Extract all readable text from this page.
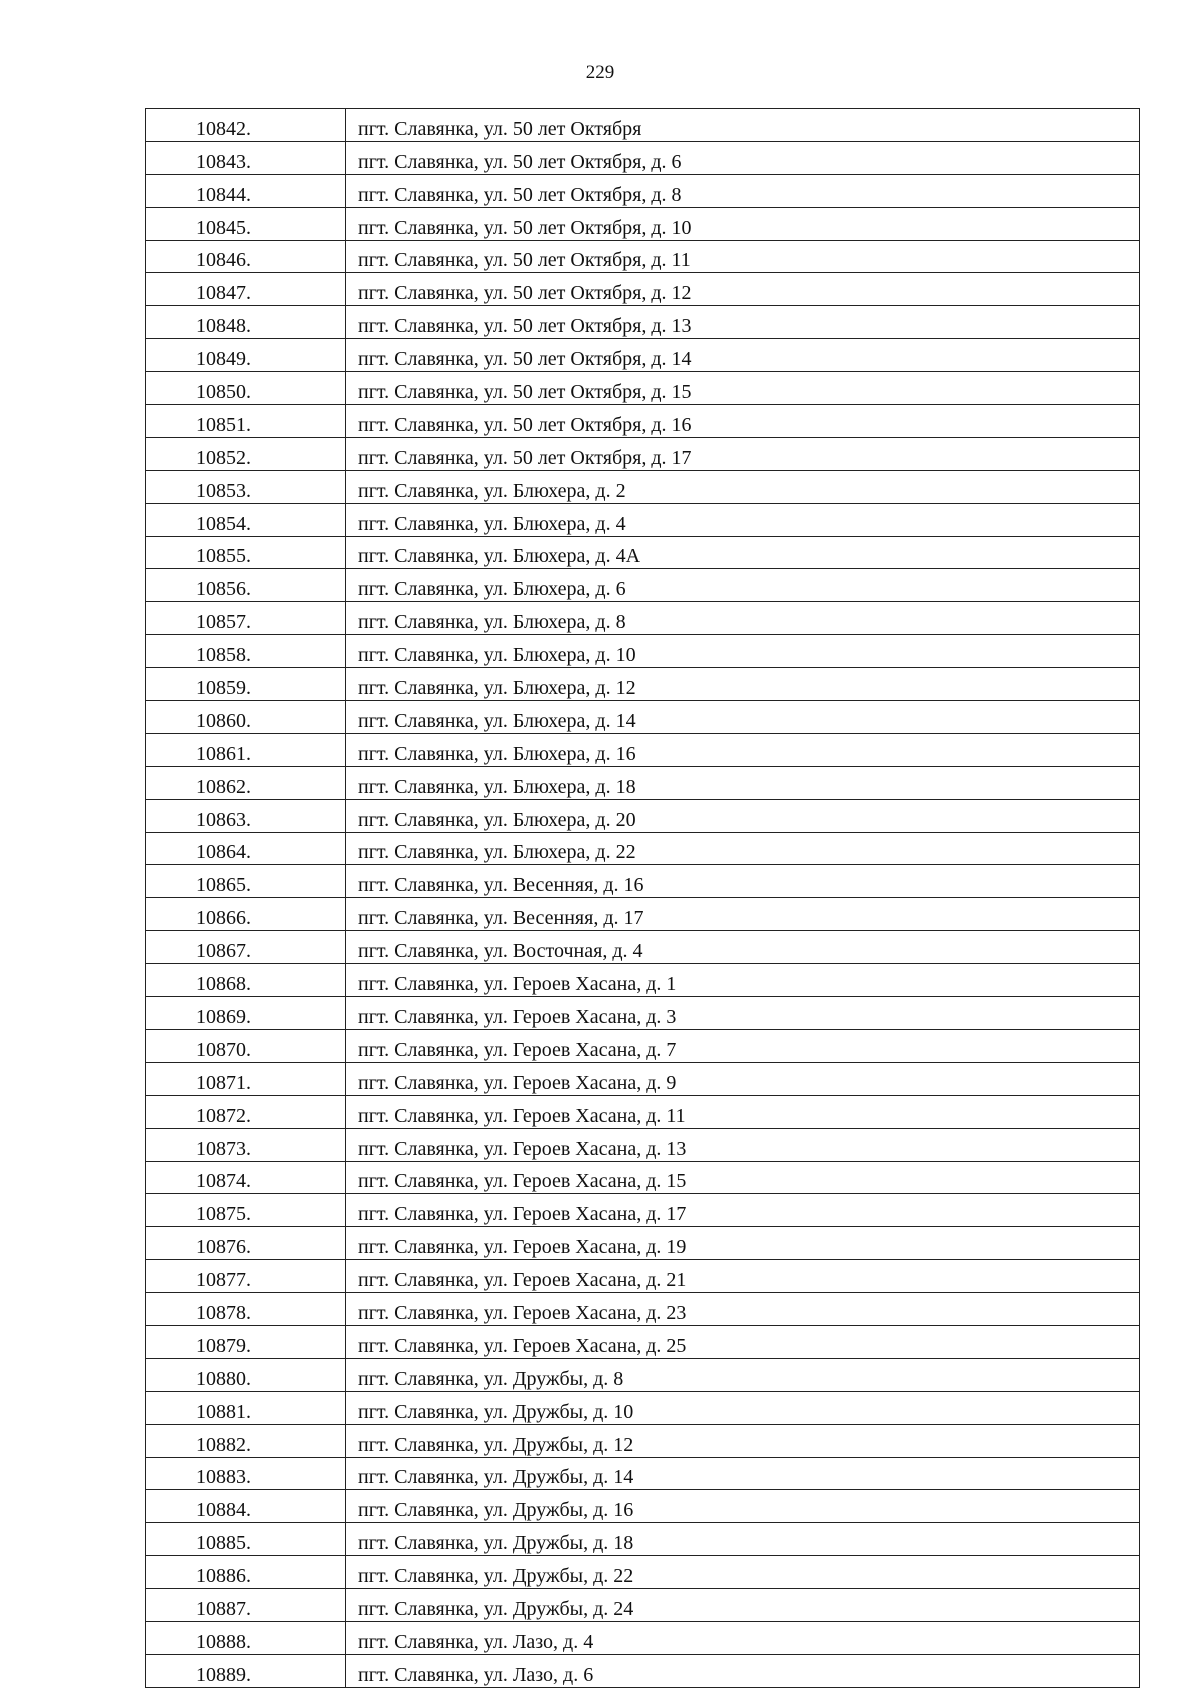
229
10842.	пгт. Славянка, ул. 50 лет Октября
10843.	пгт. Славянка, ул. 50 лет Октября, д. 6
10844.	пгт. Славянка, ул. 50 лет Октября, д. 8
10845.	пгт. Славянка, ул. 50 лет Октября, д. 10
10846.	пгт. Славянка, ул. 50 лет Октября, д. 11
10847.	пгт. Славянка, ул. 50 лет Октября, д. 12
10848.	пгт. Славянка, ул. 50 лет Октября, д. 13
10849.	пгт. Славянка, ул. 50 лет Октября, д. 14
10850.	пгт. Славянка, ул. 50 лет Октября, д. 15
10851.	пгт. Славянка, ул. 50 лет Октября, д. 16
10852.	пгт. Славянка, ул. 50 лет Октября, д. 17
10853.	пгт. Славянка, ул. Блюхера, д. 2
10854.	пгт. Славянка, ул. Блюхера, д. 4
10855.	пгт. Славянка, ул. Блюхера, д. 4А
10856.	пгт. Славянка, ул. Блюхера, д. 6
10857.	пгт. Славянка, ул. Блюхера, д. 8
10858.	пгт. Славянка, ул. Блюхера, д. 10
10859.	пгт. Славянка, ул. Блюхера, д. 12
10860.	пгт. Славянка, ул. Блюхера, д. 14
10861.	пгт. Славянка, ул. Блюхера, д. 16
10862.	пгт. Славянка, ул. Блюхера, д. 18
10863.	пгт. Славянка, ул. Блюхера, д. 20
10864.	пгт. Славянка, ул. Блюхера, д. 22
10865.	пгт. Славянка, ул. Весенняя, д. 16
10866.	пгт. Славянка, ул. Весенняя, д. 17
10867.	пгт. Славянка, ул. Восточная, д. 4
10868.	пгт. Славянка, ул. Героев Хасана, д. 1
10869.	пгт. Славянка, ул. Героев Хасана, д. 3
10870.	пгт. Славянка, ул. Героев Хасана, д. 7
10871.	пгт. Славянка, ул. Героев Хасана, д. 9
10872.	пгт. Славянка, ул. Героев Хасана, д. 11
10873.	пгт. Славянка, ул. Героев Хасана, д. 13
10874.	пгт. Славянка, ул. Героев Хасана, д. 15
10875.	пгт. Славянка, ул. Героев Хасана, д. 17
10876.	пгт. Славянка, ул. Героев Хасана, д. 19
10877.	пгт. Славянка, ул. Героев Хасана, д. 21
10878.	пгт. Славянка, ул. Героев Хасана, д. 23
10879.	пгт. Славянка, ул. Героев Хасана, д. 25
10880.	пгт. Славянка, ул. Дружбы, д. 8
10881.	пгт. Славянка, ул. Дружбы, д. 10
10882.	пгт. Славянка, ул. Дружбы, д. 12
10883.	пгт. Славянка, ул. Дружбы, д. 14
10884.	пгт. Славянка, ул. Дружбы, д. 16
10885.	пгт. Славянка, ул. Дружбы, д. 18
10886.	пгт. Славянка, ул. Дружбы, д. 22
10887.	пгт. Славянка, ул. Дружбы, д. 24
10888.	пгт. Славянка, ул. Лазо, д. 4
10889.	пгт. Славянка, ул. Лазо, д. 6
